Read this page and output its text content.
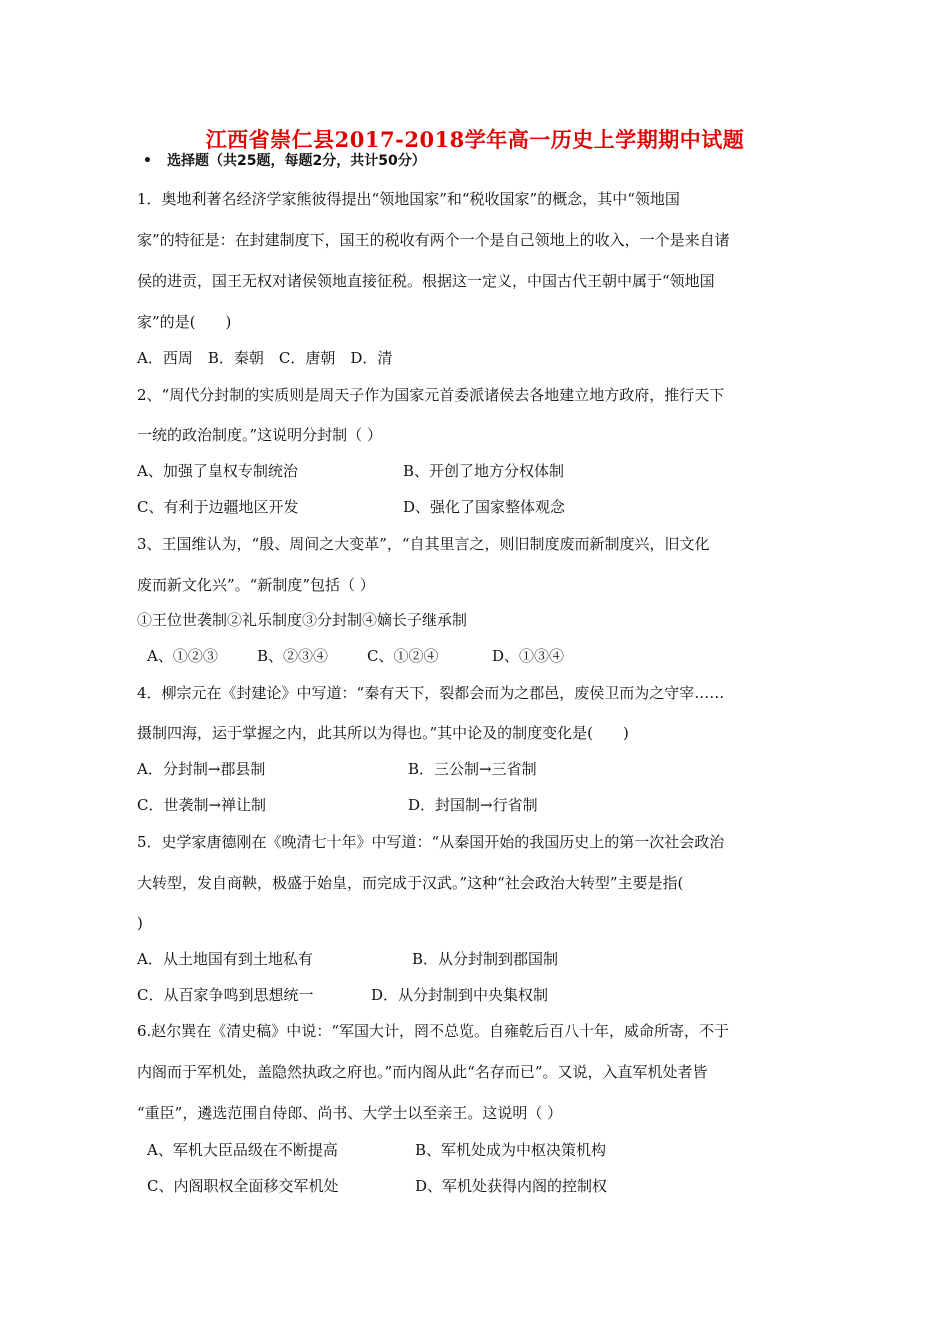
江西省崇仁县2017-2018学年高一历史上学期期中试题
• 选择题（共25题，每题2分，共计50分）
1．奥地利著名经济学家熊彼得提出“领地国家”和“税收国家”的概念，其中“领地国
家”的特征是：在封建制度下，国王的税收有两个一个是自己领地上的收入，一个是来自诸
侯的进贡，国王无权对诸侯领地直接征税。根据这一定义，中国古代王朝中属于“领地国
家”的是(　　)
A．西周　B．秦朝　C．唐朝　D．清
2、“周代分封制的实质则是周天子作为国家元首委派诸侯去各地建立地方政府，推行天下
一统的政治制度。”这说明分封制（ ）
A、加强了皇权专制统治	B、开创了地方分权体制
C、有利于边疆地区开发	D、强化了国家整体观念
3、王国维认为，“殷、周间之大变革”，“自其里言之，则旧制度废而新制度兴，旧文化
废而新文化兴”。“新制度”包括（ ）
①王位世袭制②礼乐制度③分封制④嫡长子继承制
A、①②③	B、②③④	C、①②④	D、①③④
4．柳宗元在《封建论》中写道：“秦有天下，裂都会而为之郡邑，废侯卫而为之守宰……
摄制四海，运于掌握之内，此其所以为得也。”其中论及的制度变化是(　　)
A．分封制→郡县制	B．三公制→三省制
C．世袭制→禅让制	D．封国制→行省制
5．史学家唐德刚在《晚清七十年》中写道：“从秦国开始的我国历史上的第一次社会政治
大转型，发自商鞅，极盛于始皇，而完成于汉武。”这种“社会政治大转型”主要是指(
)
A．从土地国有到土地私有	B．从分封制到郡国制
C．从百家争鸣到思想统一	D．从分封制到中央集权制
6.赵尔巽在《清史稿》中说：“军国大计，罔不总览。自雍乾后百八十年，威命所寄，不于
内阁而于军机处，盖隐然执政之府也。”而内阁从此“名存而已”。又说，入直军机处者皆
“重臣”，遴选范围自侍郎、尚书、大学士以至亲王。这说明（ ）
A、军机大臣品级在不断提高	B、军机处成为中枢决策机构
C、内阁职权全面移交军机处	D、军机处获得内阁的控制权
